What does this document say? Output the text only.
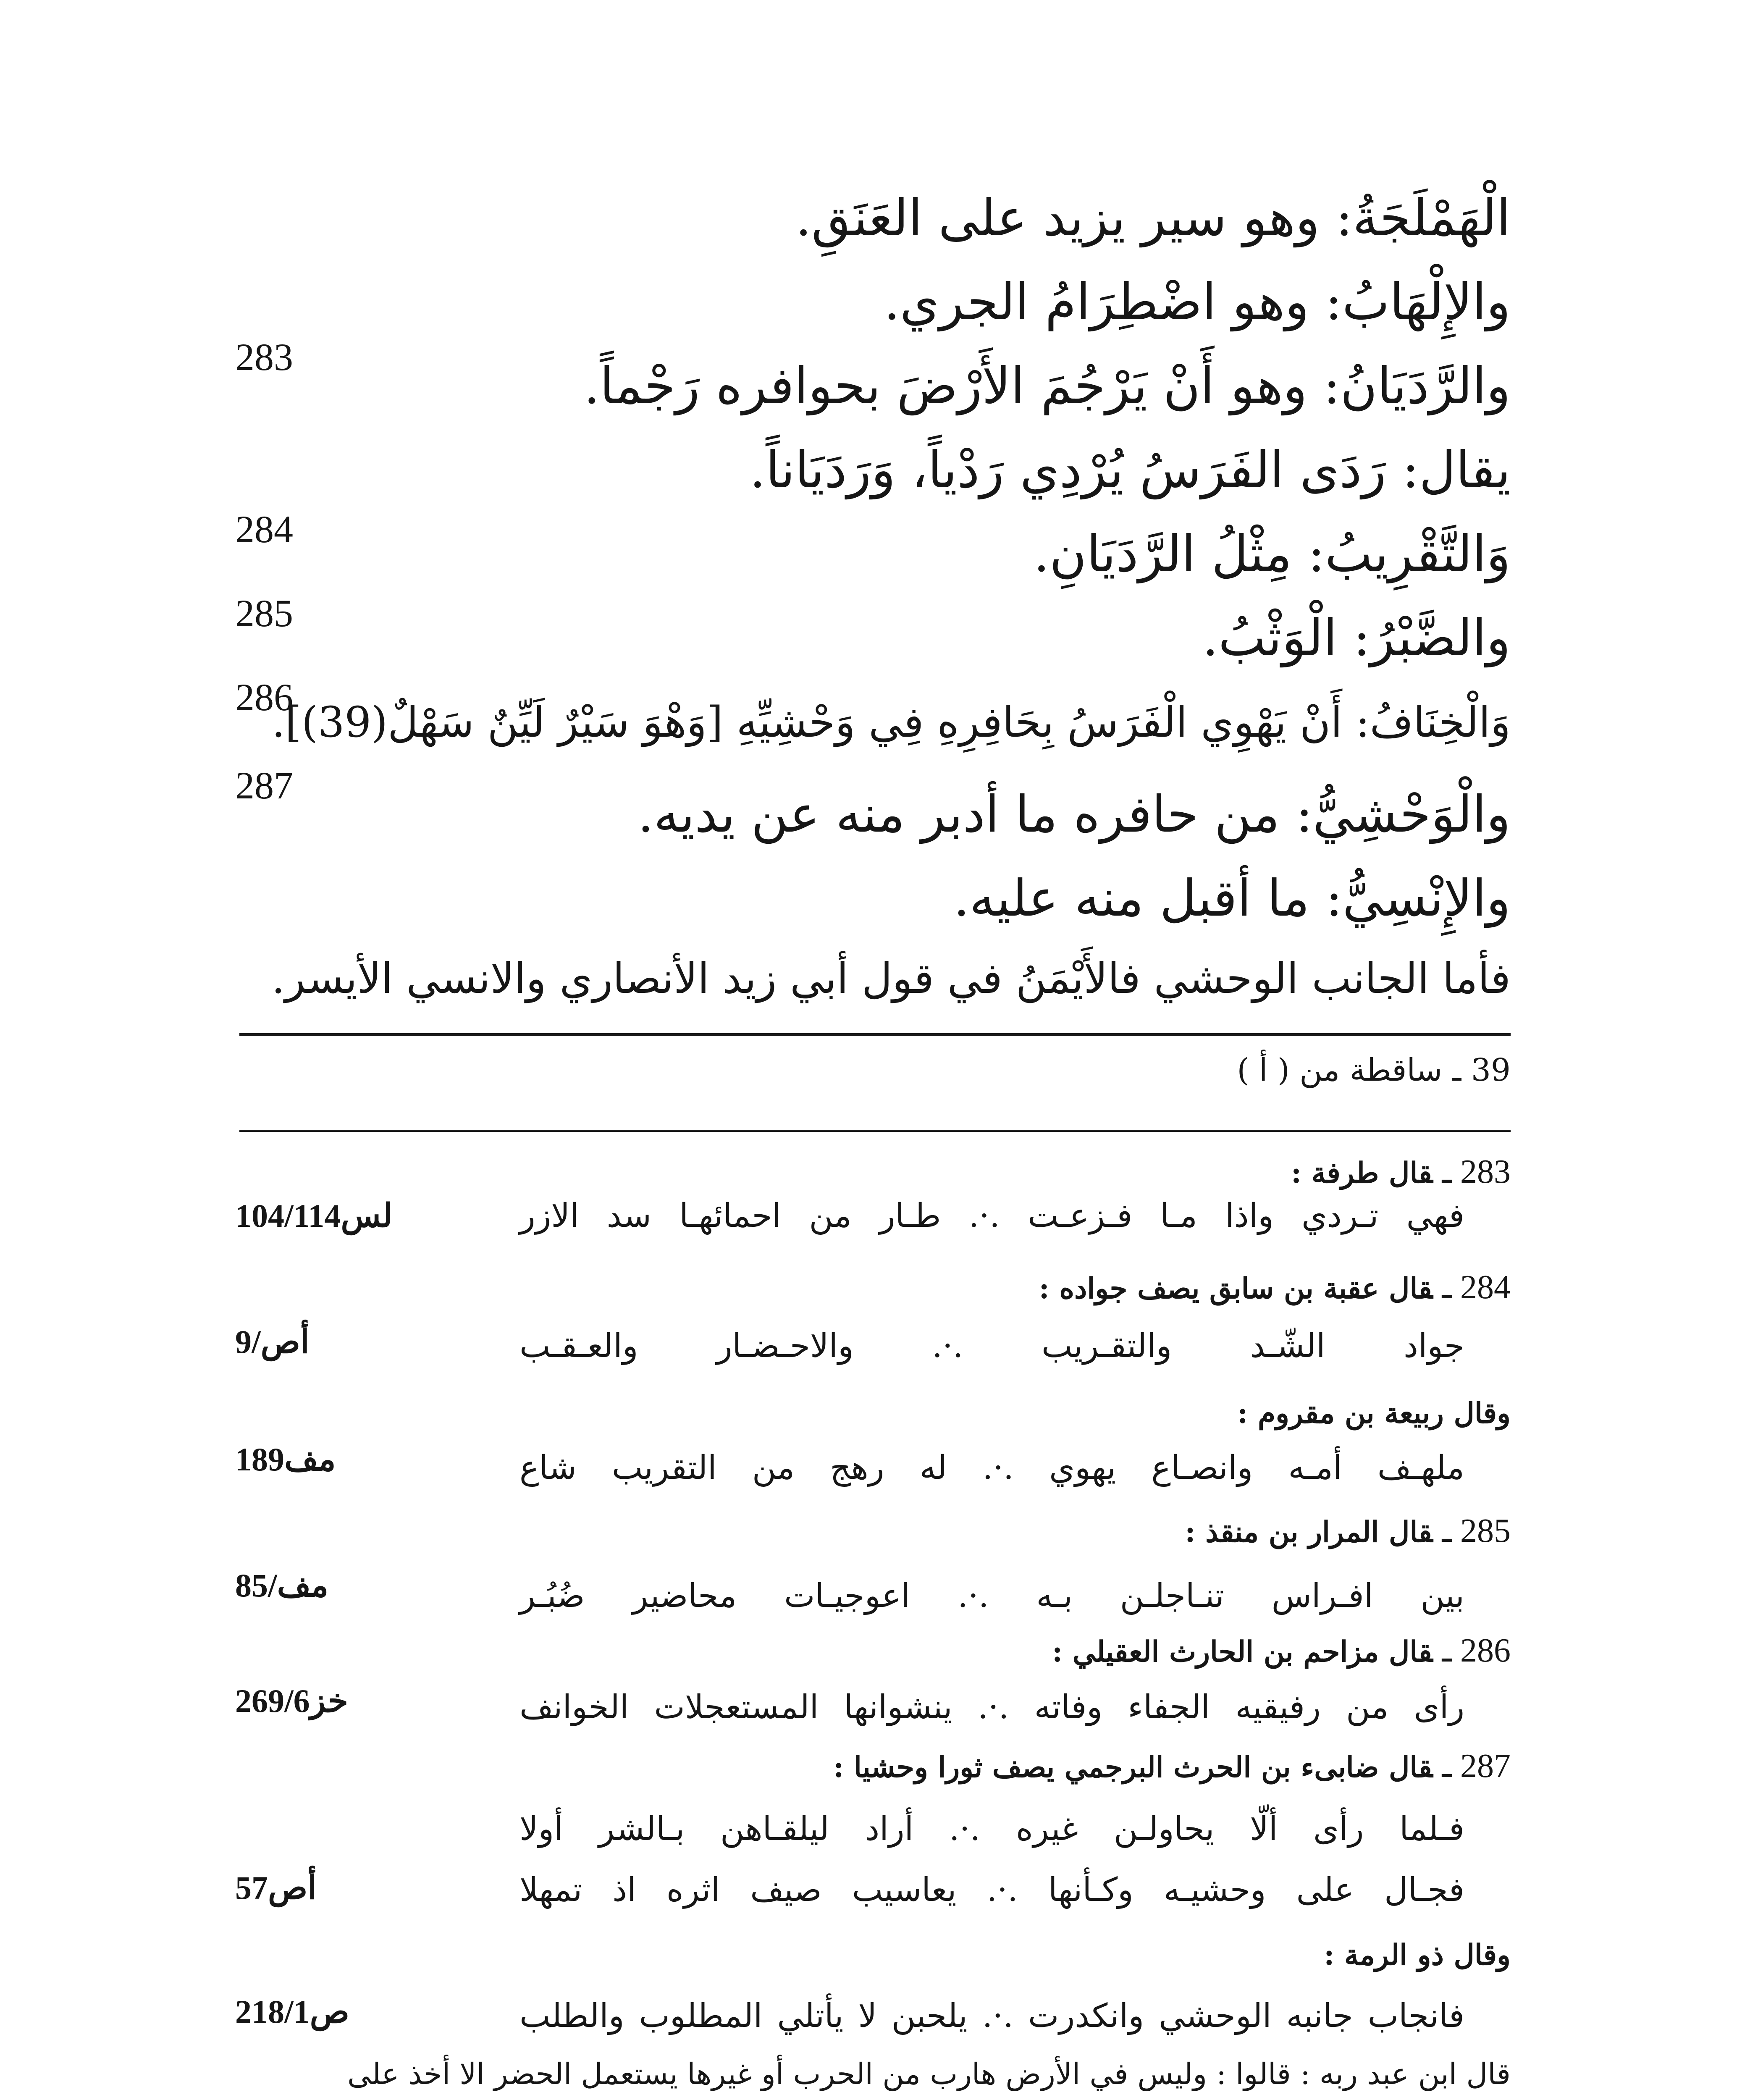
الْهَمْلَجَةُ: وهو سير يزيد على العَنَقِ.
والإِلْهَابُ: وهو اضْطِرَامُ الجري.
والرَّدَيَانُ: وهو أَنْ يَرْجُمَ الأَرْضَ بحوافره رَجْماً.
يقال: رَدَى الفَرَسُ يُرْدِي رَدْياً، وَرَدَيَاناً.
وَالتَّقْرِيبُ: مِثْلُ الرَّدَيَانِ.
والضَّبْرُ: الْوَثْبُ.
وَالْخِنَافُ: أَنْ يَهْوِي الْفَرَسُ بِحَافِرِهِ فِي وَحْشِيِّهِ [وَهْوَ سَيْرٌ لَيِّنٌ سَهْلٌ(39)].
والْوَحْشِيُّ: من حافره ما أدبر منه عن يديه.
والإِنْسِيُّ: ما أقبل منه عليه.
فأما الجانب الوحشي فالأَيْمَنُ في قول أبي زيد الأنصاري والانسي الأيسر.
283
284
285
286
287
39 ـ ساقطة من ( أ )
283 ـقال طرفة :
فهي تـردي واذا مـا فـزعـت .·. طـار من احمائهـا سد الازر
لس104/114
284 ـقال عقبة بن سابق يصف جواده :
جواد الشّـد والتقـريب .·. والاحـضـار والعـقـب
أص/9
وقال ربيعة بن مقروم :
ملهـف أمـه وانصـاع يهوي .·. له رهج من التقريب شاع
مف189
285 ـقال المرار بن منقذ :
بين افـراس تنـاجلـن بـه .·. اعوجيـات محاضير ضُبُـر
مف/85
286 ـقال مزاحم بن الحارث العقيلي :
رأى من رفيقيه الجفاء وفاته .·. ينشوانها المستعجلات الخوانف
خز269/6
287 ـقال ضابىء بن الحرث البرجمي يصف ثورا وحشيا :
فـلما رأى ألّا يحاولـن غيره .·. أراد ليلقـاهن بـالشر أولا
فجـال على وحشيـه وكـأنها .·. يعاسيب صيف اثره اذ تمهلا
أص57
وقال ذو الرمة :
فانجاب جانبه الوحشي وانكدرت .·. يلحبن لا يأتلي المطلوب والطلب
ص218/1
قال ابن عبد ربه : قالوا : وليس في الأرض هارب من الحرب أو غيرها يستعمل الحضر الا أخذ على
